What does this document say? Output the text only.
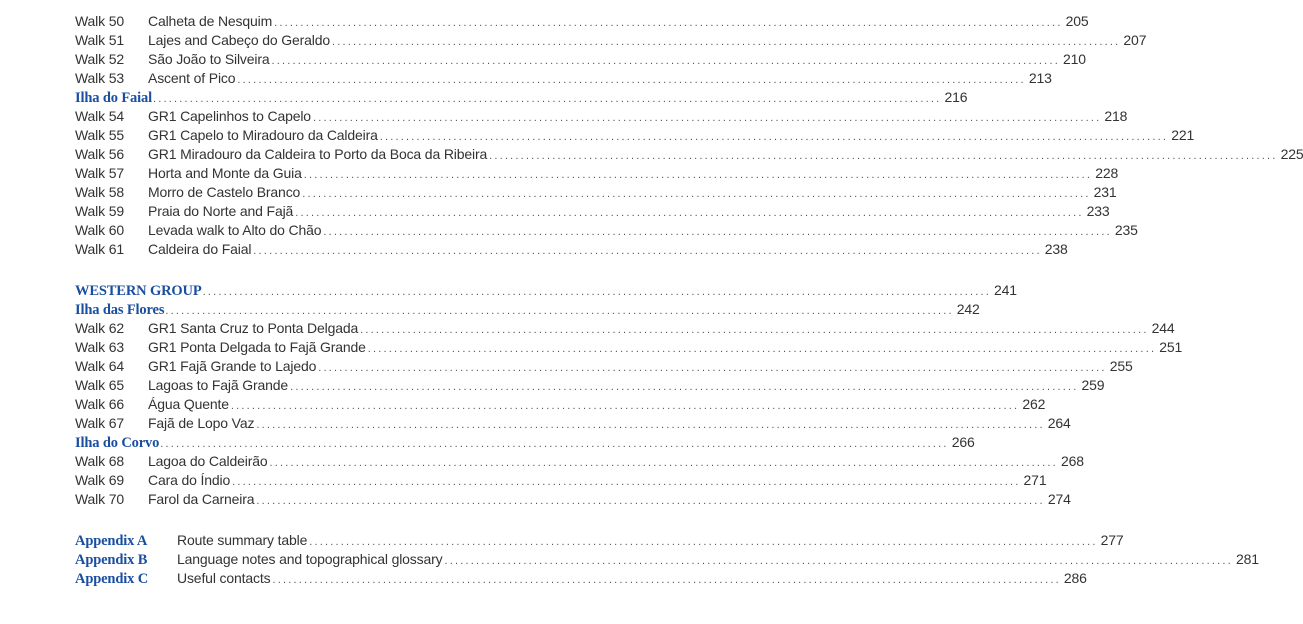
Walk 50	Calheta de Nesquim ...................................................................................................................................................... 205
Walk 51	Lajes and Cabeço do Geraldo ...................................................................................................................................................... 207
Walk 52	São João to Silveira ...................................................................................................................................................... 210
Walk 53	Ascent of Pico ...................................................................................................................................................... 213
Ilha do Faial ...................................................................................................................................................... 216
Walk 54	GR1 Capelinhos to Capelo ...................................................................................................................................................... 218
Walk 55	GR1 Capelo to Miradouro da Caldeira ...................................................................................................................................................... 221
Walk 56	GR1 Miradouro da Caldeira to Porto da Boca da Ribeira ...................................................................................................................................................... 225
Walk 57	Horta and Monte da Guia ...................................................................................................................................................... 228
Walk 58	Morro de Castelo Branco ...................................................................................................................................................... 231
Walk 59	Praia do Norte and Fajã ...................................................................................................................................................... 233
Walk 60	Levada walk to Alto do Chão ...................................................................................................................................................... 235
Walk 61	Caldeira do Faial ...................................................................................................................................................... 238
WESTERN GROUP ...................................................................................................................................................... 241
Ilha das Flores ...................................................................................................................................................... 242
Walk 62	GR1 Santa Cruz to Ponta Delgada ...................................................................................................................................................... 244
Walk 63	GR1 Ponta Delgada to Fajã Grande ...................................................................................................................................................... 251
Walk 64	GR1 Fajã Grande to Lajedo ...................................................................................................................................................... 255
Walk 65	Lagoas to Fajã Grande ...................................................................................................................................................... 259
Walk 66	Água Quente ...................................................................................................................................................... 262
Walk 67	Fajã de Lopo Vaz ...................................................................................................................................................... 264
Ilha do Corvo ...................................................................................................................................................... 266
Walk 68	Lagoa do Caldeirão ...................................................................................................................................................... 268
Walk 69	Cara do Índio ...................................................................................................................................................... 271
Walk 70	Farol da Carneira ...................................................................................................................................................... 274
Appendix A	Route summary table ...................................................................................................................................................... 277
Appendix B	Language notes and topographical glossary ...................................................................................................................................................... 281
Appendix C	Useful contacts ...................................................................................................................................................... 286
